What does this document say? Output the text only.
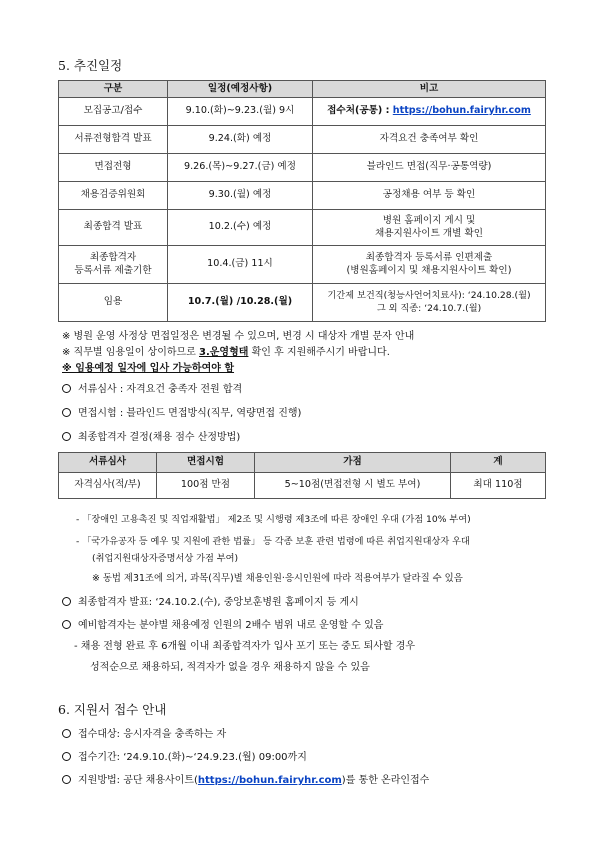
5. 추진일정
구분	일정(예정사항)	비고
모집공고/접수	9.10.(화)~9.23.(월) 9시	접수처(공통) : https://bohun.fairyhr.com
서류전형합격 발표	9.24.(화) 예정	자격요건 충족여부 확인
면접전형	9.26.(목)~9.27.(금) 예정	블라인드 면접(직무·공통역량)
채용검증위원회	9.30.(월) 예정	공정채용 여부 등 확인
최종합격 발표	10.2.(수) 예정	병원 홈페이지 게시 및
채용지원사이트 개별 확인
최종합격자
등록서류 제출기한	10.4.(금) 11시	최종합격자 등록서류 인편제출
(병원홈페이지 및 채용지원사이트 확인)
임용	10.7.(월) /10.28.(월)	기간제 보건직(청능사언어치료사): ‘24.10.28.(월)
그 외 직종: ‘24.10.7.(월)
※ 병원 운영 사정상 면접일정은 변경될 수 있으며, 변경 시 대상자 개별 문자 안내
※ 직무별 임용일이 상이하므로 3.운영형태 확인 후 지원해주시기 바랍니다.
※ 임용예정 일자에 입사 가능하여야 함
서류심사 : 자격요건 충족자 전원 합격
면접시험 : 블라인드 면접방식(직무, 역량면접 진행)
최종합격자 결정(채용 점수 산정방법)
서류심사	면접시험	가점	계
자격심사(적/부)	100점 만점	5~10점(면접전형 시 별도 부여)	최대 110점
- 「장애인 고용촉진 및 직업재활법」 제2조 및 시행령 제3조에 따른 장애인 우대 (가점 10% 부여)
- 「국가유공자 등 예우 및 지원에 관한 법률」 등 각종 보훈 관련 법령에 따른 취업지원대상자 우대
(취업지원대상자증명서상 가점 부여)
※ 동법 제31조에 의거, 과목(직무)별 채용인원·응시인원에 따라 적용여부가 달라질 수 있음
최종합격자 발표: ‘24.10.2.(수), 중앙보훈병원 홈페이지 등 게시
예비합격자는 분야별 채용예정 인원의 2배수 범위 내로 운영할 수 있음
- 채용 전형 완료 후 6개월 이내 최종합격자가 입사 포기 또는 중도 퇴사할 경우
성적순으로 채용하되, 적격자가 없을 경우 채용하지 않을 수 있음
6. 지원서 접수 안내
접수대상: 응시자격을 충족하는 자
접수기간: ‘24.9.10.(화)~‘24.9.23.(월) 09:00까지
지원방법: 공단 채용사이트(https://bohun.fairyhr.com)를 통한 온라인접수
